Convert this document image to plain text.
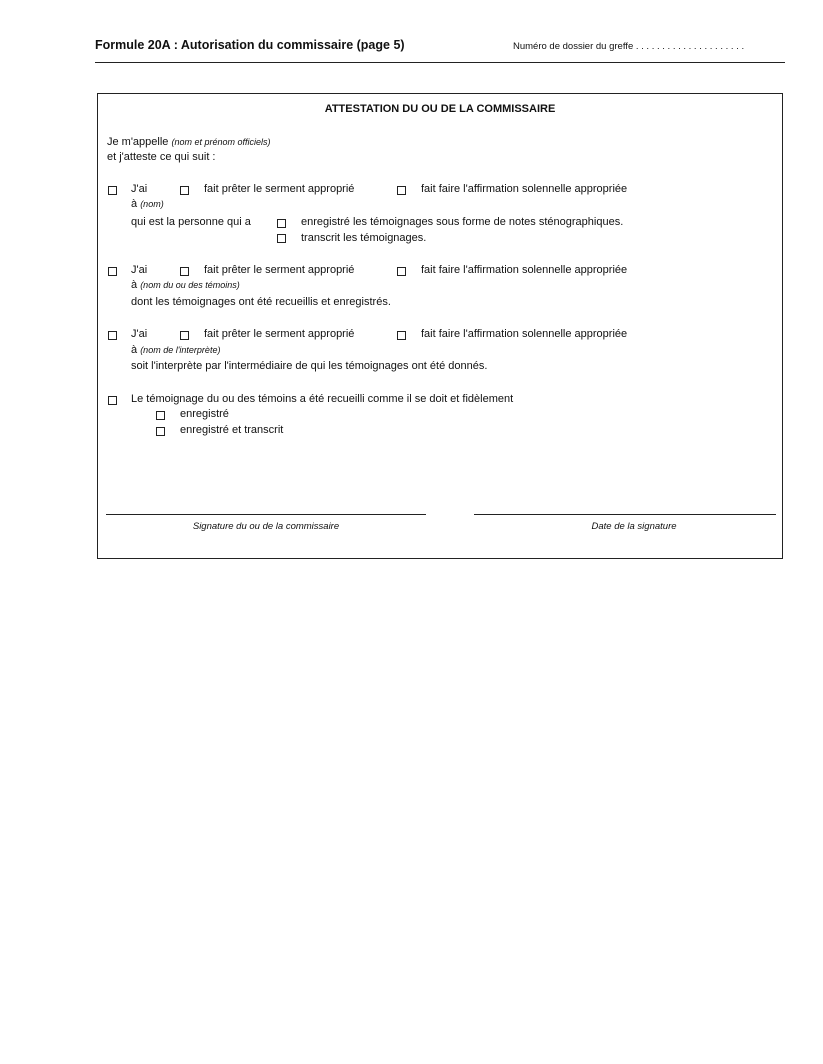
Formule 20A : Autorisation du commissaire (page 5)	Numéro de dossier du greffe . . . . . . . . . . . . . . . . . . . . .
ATTESTATION DU OU DE LA COMMISSAIRE
Je m'appelle (nom et prénom officiels)
et j'atteste ce qui suit :
J'ai	fait prêter le serment approprié	fait faire l'affirmation solennelle appropriée
à (nom)
qui est la personne qui a	enregistré les témoignages sous forme de notes sténographiques.
transcrit les témoignages.
J'ai	fait prêter le serment approprié	fait faire l'affirmation solennelle appropriée
à (nom du ou des témoins)
dont les témoignages ont été recueillis et enregistrés.
J'ai	fait prêter le serment approprié	fait faire l'affirmation solennelle appropriée
à (nom de l'interprète)
soit l'interprète par l'intermédiaire de qui les témoignages ont été donnés.
Le témoignage du ou des témoins a été recueilli comme il se doit et fidèlement
enregistré
enregistré et transcrit
Signature du ou de la commissaire	Date de la signature
